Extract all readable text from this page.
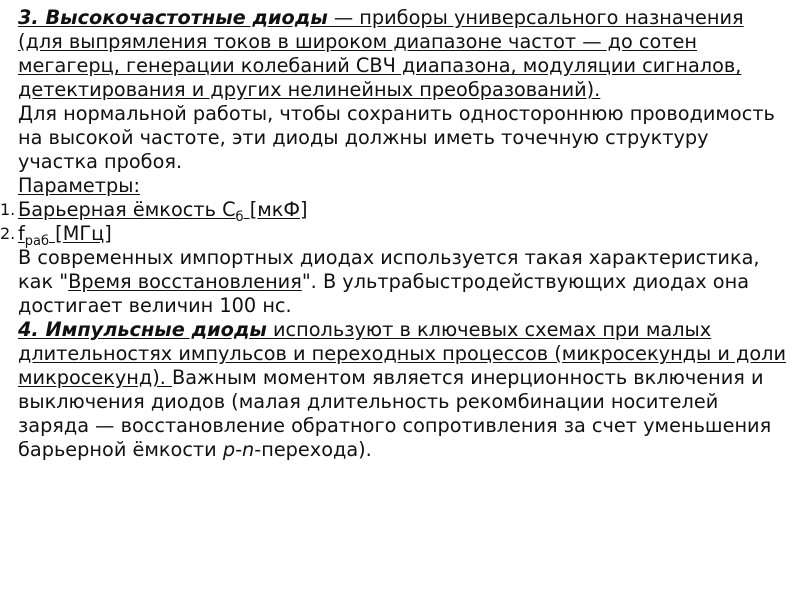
3. Высокочастотные диоды — приборы универсального назначения (для выпрямления токов в широком диапазоне частот — до сотен мегагерц, генерации колебаний СВЧ диапазона, модуляции сигналов, детектирования и других нелинейных преобразований).

Для нормальной работы, чтобы сохранить одностороннюю проводимость на высокой частоте, эти диоды должны иметь точечную структуру участка пробоя.

Параметры:

1. Барьерная ёмкость $С_б$ [мкФ]
2. $f_{раб}$ [МГц]

В современных импортных диодах используется такая характеристика, как "Время восстановления". В ультрабыстродействующих диодах она достигает величин 100 нс.

4. Импульсные диоды используют в ключевых схемах при малых длительностях импульсов и переходных процессов (микросекунды и доли микросекунд). Важным моментом является инерционность включения и выключения диодов (малая длительность рекомбинации носителей заряда — восстановление обратного сопротивления за счет уменьшения барьерной ёмкости p-n-перехода).
